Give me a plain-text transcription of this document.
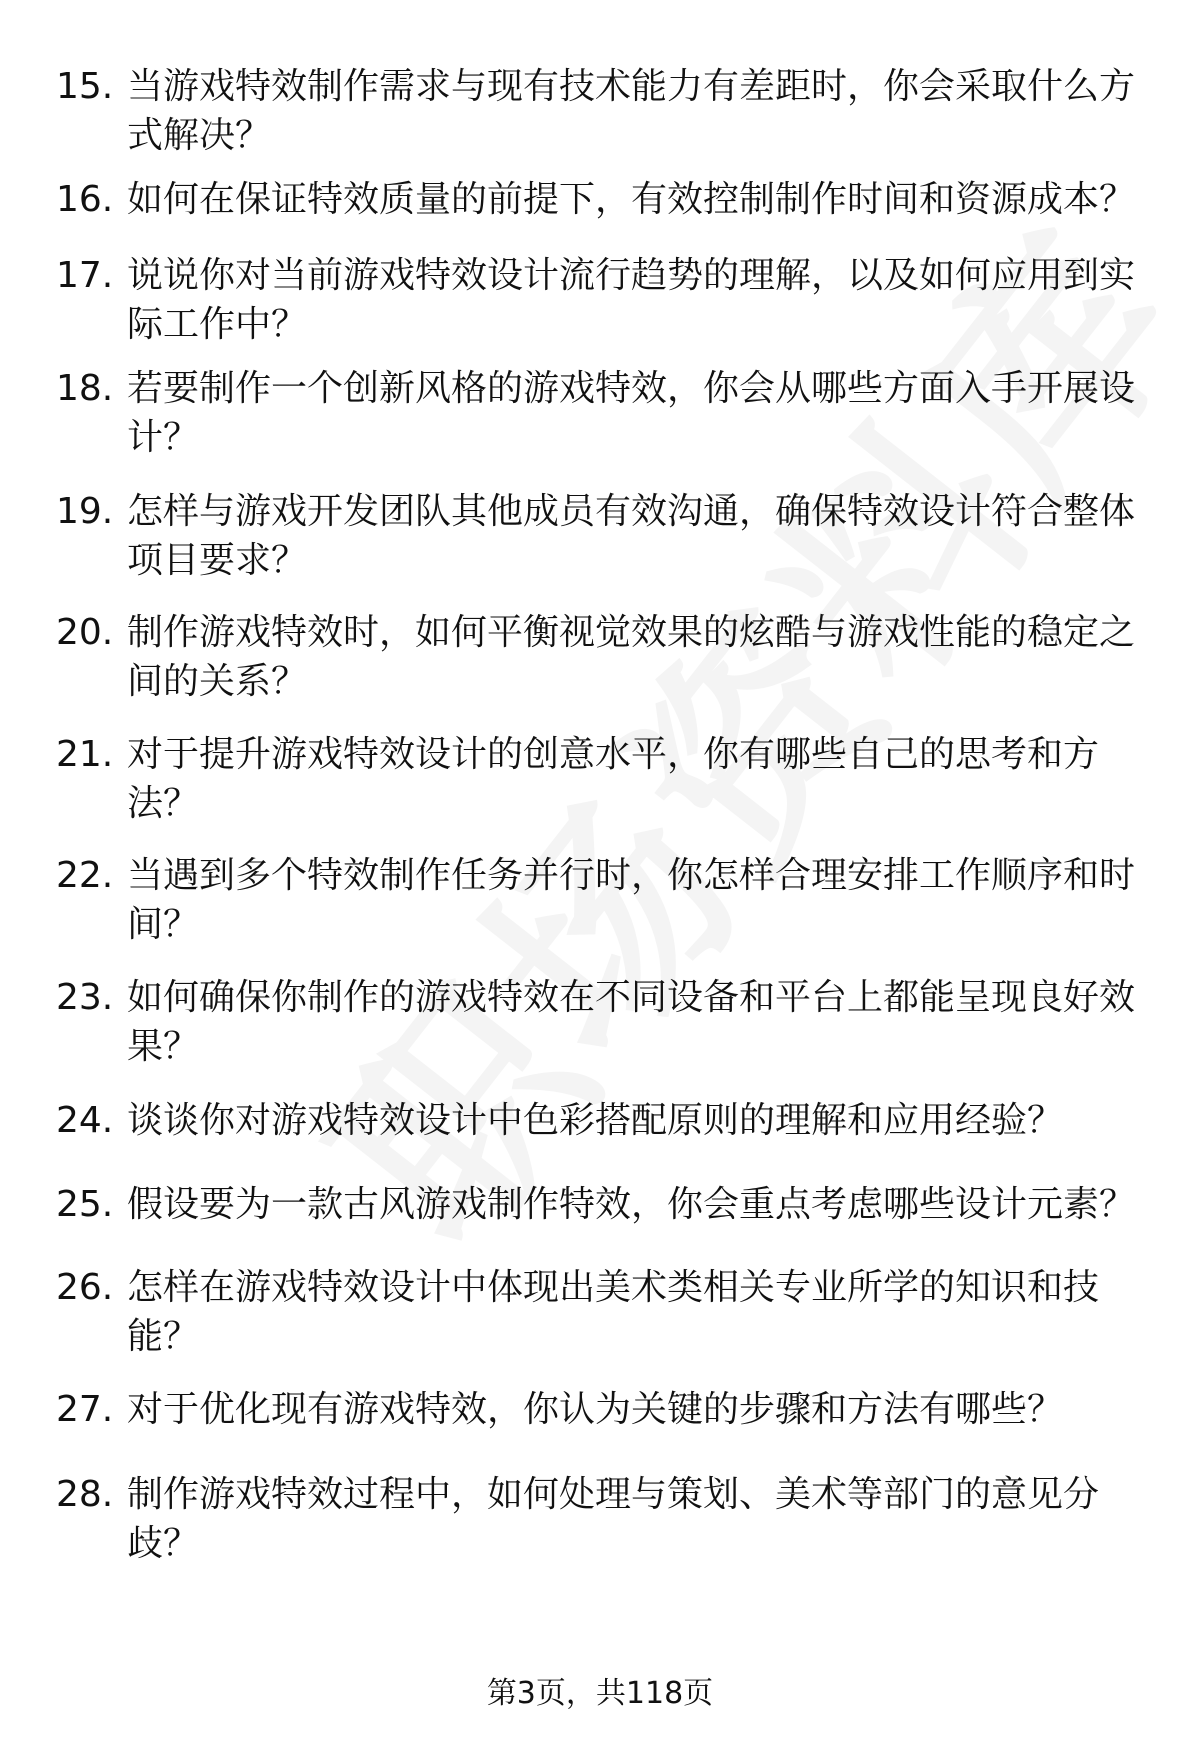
15. 当游戏特效制作需求与现有技术能力有差距时，你会采取什么方
式解决？
16. 如何在保证特效质量的前提下，有效控制制作时间和资源成本？
17. 说说你对当前游戏特效设计流行趋势的理解，以及如何应用到实
际工作中？
18. 若要制作一个创新风格的游戏特效，你会从哪些方面入手开展设
计？
19. 怎样与游戏开发团队其他成员有效沟通，确保特效设计符合整体
项目要求？
20. 制作游戏特效时，如何平衡视觉效果的炫酷与游戏性能的稳定之
间的关系？
21. 对于提升游戏特效设计的创意水平，你有哪些自己的思考和方
法？
22. 当遇到多个特效制作任务并行时，你怎样合理安排工作顺序和时
间？
23. 如何确保你制作的游戏特效在不同设备和平台上都能呈现良好效
果？
24. 谈谈你对游戏特效设计中色彩搭配原则的理解和应用经验？
25. 假设要为一款古风游戏制作特效，你会重点考虑哪些设计元素？
26. 怎样在游戏特效设计中体现出美术类相关专业所学的知识和技
能？
27. 对于优化现有游戏特效，你认为关键的步骤和方法有哪些？
28. 制作游戏特效过程中，如何处理与策划、美术等部门的意见分
歧？
第3页，共118页
